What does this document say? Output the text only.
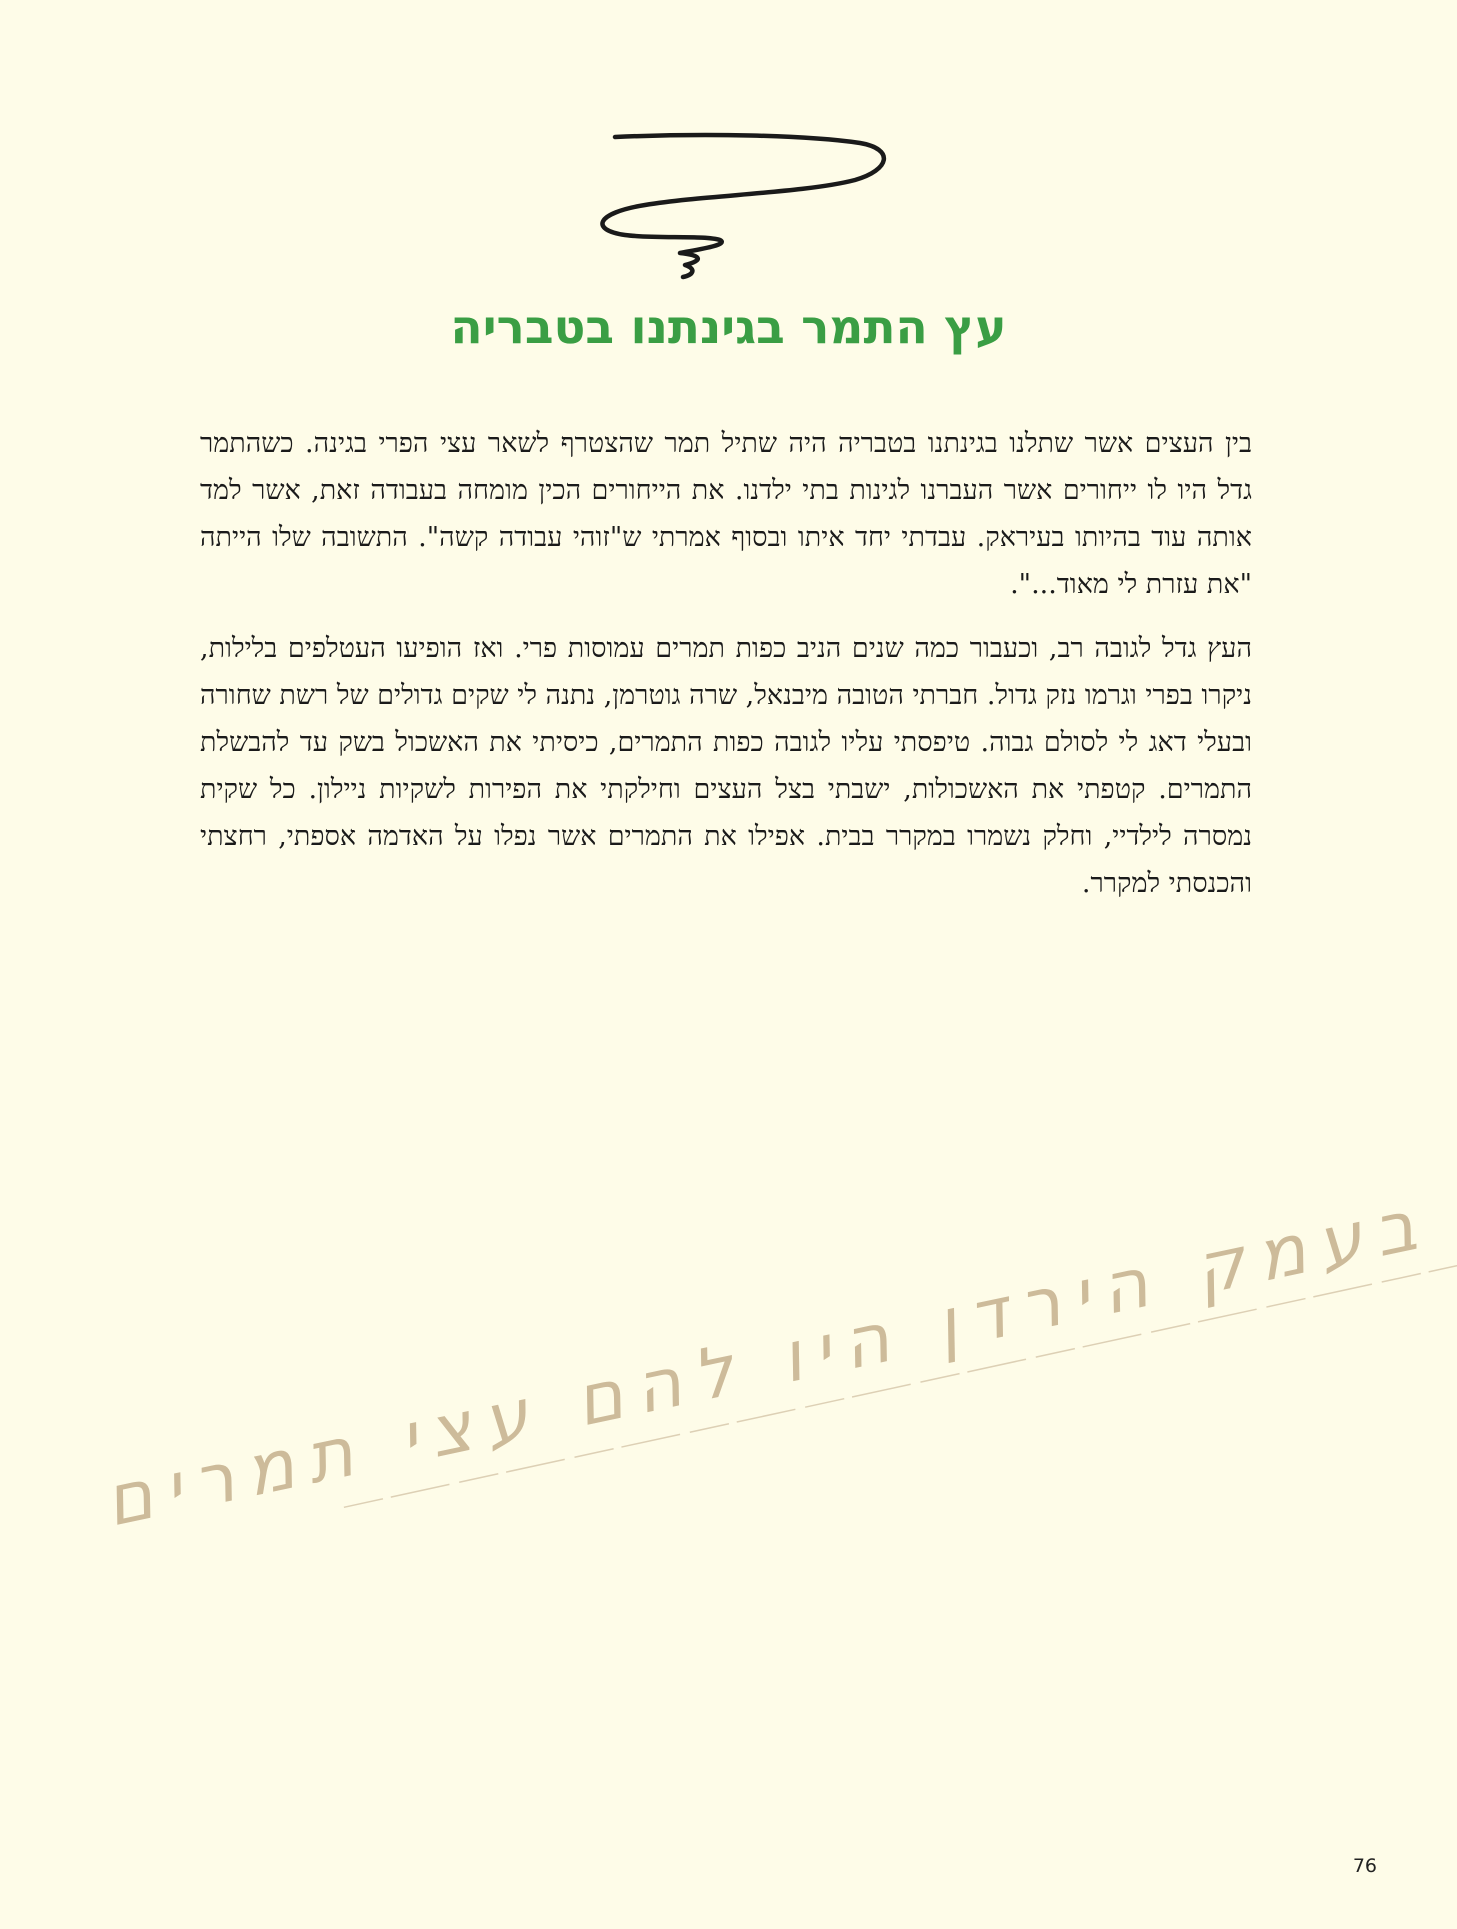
עץ התמר בגינתנו בטבריה

בין העצים אשר שתלנו בגינתנו בטבריה היה שתיל תמר שהצטרף לשאר עצי הפרי בגינה. כשהתמר גדל היו לו ייחורים אשר העברנו לגינות בתי ילדנו. את הייחורים הכין מומחה בעבודה זאת, אשר למד אותה עוד בהיותו בעיראק. עבדתי יחד איתו ובסוף אמרתי ש"זוהי עבודה קשה". התשובה שלו הייתה "את עזרת לי מאוד...".

העץ גדל לגובה רב, וכעבור כמה שנים הניב כפות תמרים עמוסות פרי. ואז הופיעו העטלפים בלילות, ניקרו בפרי וגרמו נזק גדול. חברתי הטובה מיבנאל, שרה גוטרמן, נתנה לי שקים גדולים של רשת שחורה ובעלי דאג לי לסולם גבוה. טיפסתי עליו לגובה כפות התמרים, כיסיתי את האשכול בשק עד להבשלת התמרים. קטפתי את האשכולות, ישבתי בצל העצים וחילקתי את הפירות לשקיות ניילון. כל שקית נמסרה לילדיי, וחלק נשמרו במקרר בבית. אפילו את התמרים אשר נפלו על האדמה אספתי, רחצתי והכנסתי למקרר.

בעמק הירדן היו להם עצי תמרים
76
